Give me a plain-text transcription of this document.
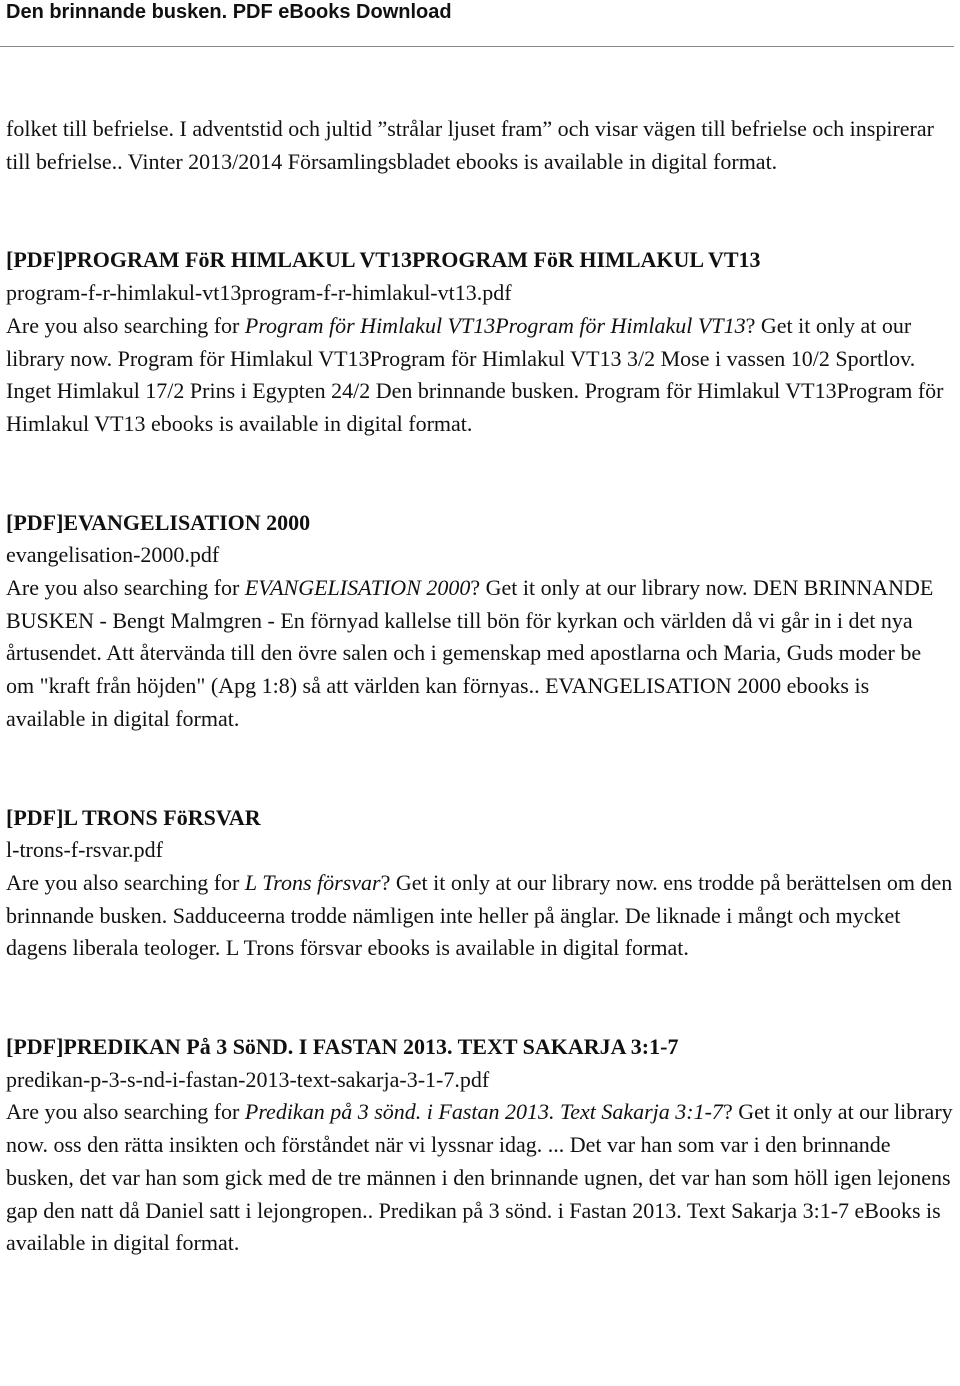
Den brinnande busken. PDF eBooks Download

folket till befrielse. I adventstid och jultid ”strålar ljuset fram” och visar vägen till befrielse och inspirerar till befrielse.. Vinter 2013/2014 Församlingsbladet ebooks is available in digital format.

[PDF]PROGRAM FöR HIMLAKUL VT13PROGRAM FöR HIMLAKUL VT13
program-f-r-himlakul-vt13program-f-r-himlakul-vt13.pdf

Are you also searching for Program för Himlakul VT13Program för Himlakul VT13? Get it only at our library now. Program för Himlakul VT13Program för Himlakul VT13 3/2 Mose i vassen 10/2 Sportlov. Inget Himlakul 17/2 Prins i Egypten 24/2 Den brinnande busken. Program för Himlakul VT13Program för Himlakul VT13 ebooks is available in digital format.

[PDF]EVANGELISATION 2000
evangelisation-2000.pdf

Are you also searching for EVANGELISATION 2000? Get it only at our library now. DEN BRINNANDE BUSKEN - Bengt Malmgren - En förnyad kallelse till bön för kyrkan och världen då vi går in i det nya årtusendet. Att återvända till den övre salen och i gemenskap med apostlarna och Maria, Guds moder be om "kraft från höjden" (Apg 1:8) så att världen kan förnyas.. EVANGELISATION 2000 ebooks is available in digital format.

[PDF]L TRONS FöRSVAR
l-trons-f-rsvar.pdf

Are you also searching for L Trons försvar? Get it only at our library now. ens trodde på berättelsen om den brinnande busken. Sadduceerna trodde nämligen inte heller på änglar. De liknade i mångt och mycket dagens liberala teologer. L Trons försvar ebooks is available in digital format.

[PDF]PREDIKAN På 3 SöND. I FASTAN 2013. TEXT SAKARJA 3:1-7
predikan-p-3-s-nd-i-fastan-2013-text-sakarja-3-1-7.pdf

Are you also searching for Predikan på 3 sönd. i Fastan 2013. Text Sakarja 3:1-7? Get it only at our library now. oss den rätta insikten och förståndet när vi lyssnar idag. ... Det var han som var i den brinnande busken, det var han som gick med de tre männen i den brinnande ugnen, det var han som höll igen lejonens gap den natt då Daniel satt i lejongropen.. Predikan på 3 sönd. i Fastan 2013. Text Sakarja 3:1-7 eBooks is available in digital format.
